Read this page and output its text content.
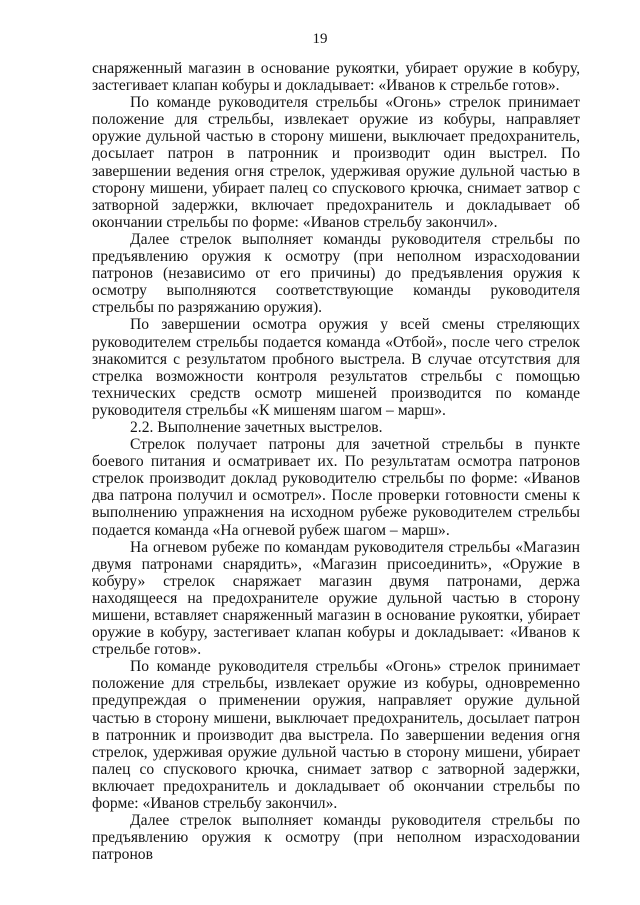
19

снаряженный магазин в основание рукоятки, убирает оружие в кобуру, застегивает клапан кобуры и докладывает: «Иванов к стрельбе готов».

По команде руководителя стрельбы «Огонь» стрелок принимает положение для стрельбы, извлекает оружие из кобуры, направляет оружие дульной частью в сторону мишени, выключает предохранитель, досылает патрон в патронник и производит один выстрел. По завершении ведения огня стрелок, удерживая оружие дульной частью в сторону мишени, убирает палец со спускового крючка, снимает затвор с затворной задержки, включает предохранитель и докладывает об окончании стрельбы по форме: «Иванов стрельбу закончил».

Далее стрелок выполняет команды руководителя стрельбы по предъявлению оружия к осмотру (при неполном израсходовании патронов (независимо от его причины) до предъявления оружия к осмотру выполняются соответствующие команды руководителя стрельбы по разряжанию оружия).

По завершении осмотра оружия у всей смены стреляющих руководителем стрельбы подается команда «Отбой», после чего стрелок знакомится с результатом пробного выстрела. В случае отсутствия для стрелка возможности контроля результатов стрельбы с помощью технических средств осмотр мишеней производится по команде руководителя стрельбы «К мишеням шагом – марш».

2.2. Выполнение зачетных выстрелов.

Стрелок получает патроны для зачетной стрельбы в пункте боевого питания и осматривает их. По результатам осмотра патронов стрелок производит доклад руководителю стрельбы по форме: «Иванов два патрона получил и осмотрел». После проверки готовности смены к выполнению упражнения на исходном рубеже руководителем стрельбы подается команда «На огневой рубеж шагом – марш».

На огневом рубеже по командам руководителя стрельбы «Магазин двумя патронами снарядить», «Магазин присоединить», «Оружие в кобуру» стрелок снаряжает магазин двумя патронами, держа находящееся на предохранителе оружие дульной частью в сторону мишени, вставляет снаряженный магазин в основание рукоятки, убирает оружие в кобуру, застегивает клапан кобуры и докладывает: «Иванов к стрельбе готов».

По команде руководителя стрельбы «Огонь» стрелок принимает положение для стрельбы, извлекает оружие из кобуры, одновременно предупреждая о применении оружия, направляет оружие дульной частью в сторону мишени, выключает предохранитель, досылает патрон в патронник и производит два выстрела. По завершении ведения огня стрелок, удерживая оружие дульной частью в сторону мишени, убирает палец со спускового крючка, снимает затвор с затворной задержки, включает предохранитель и докладывает об окончании стрельбы по форме: «Иванов стрельбу закончил».

Далее стрелок выполняет команды руководителя стрельбы по предъявлению оружия к осмотру (при неполном израсходовании патронов
